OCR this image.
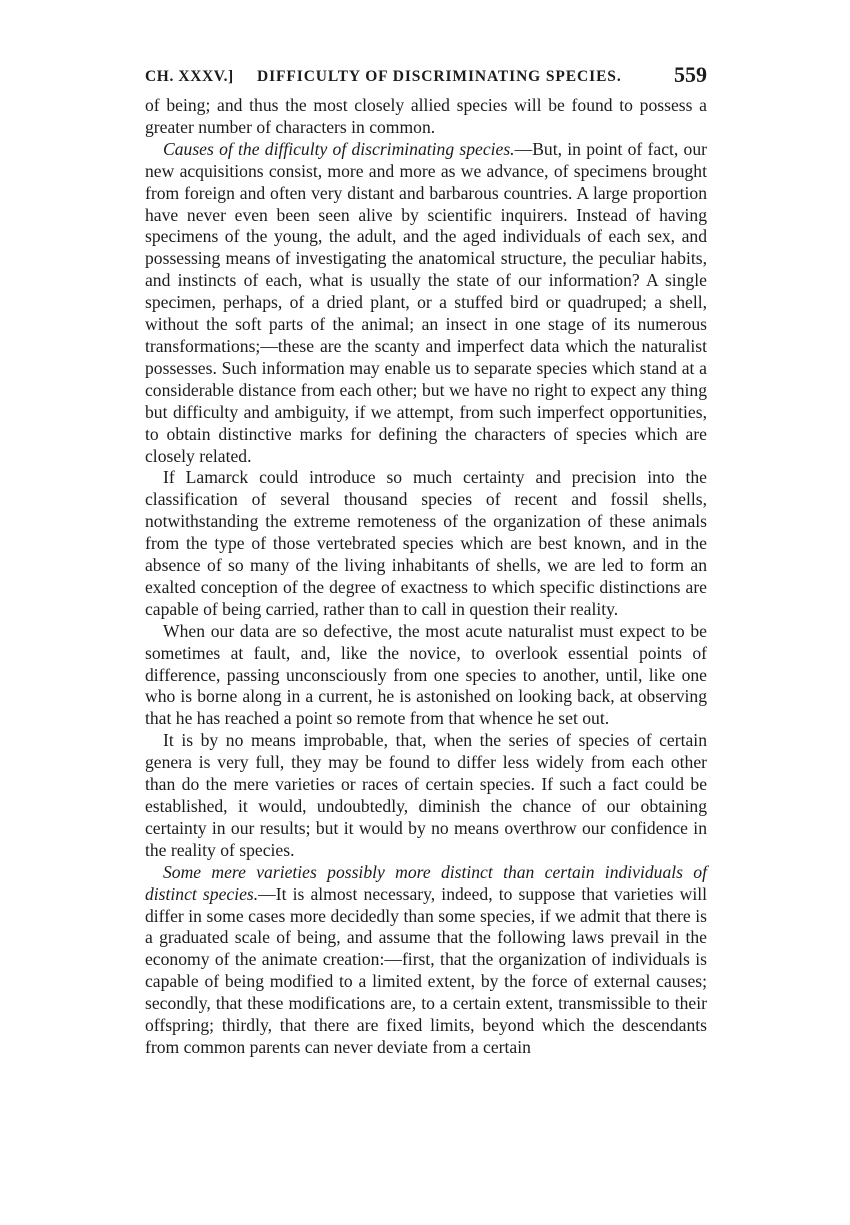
CH. XXXV.] DIFFICULTY OF DISCRIMINATING SPECIES. 559

of being; and thus the most closely allied species will be found to possess a greater number of characters in common.

Causes of the difficulty of discriminating species.—But, in point of fact, our new acquisitions consist, more and more as we advance, of specimens brought from foreign and often very distant and barbarous countries. A large proportion have never even been seen alive by scientific inquirers. Instead of having specimens of the young, the adult, and the aged individuals of each sex, and possessing means of investigating the anatomical structure, the peculiar habits, and instincts of each, what is usually the state of our information? A single specimen, perhaps, of a dried plant, or a stuffed bird or quadruped; a shell, without the soft parts of the animal; an insect in one stage of its numerous transformations;—these are the scanty and imperfect data which the naturalist possesses. Such information may enable us to separate species which stand at a considerable distance from each other; but we have no right to expect any thing but difficulty and ambiguity, if we attempt, from such imperfect opportunities, to obtain distinctive marks for defining the characters of species which are closely related.

If Lamarck could introduce so much certainty and precision into the classification of several thousand species of recent and fossil shells, notwithstanding the extreme remoteness of the organization of these animals from the type of those vertebrated species which are best known, and in the absence of so many of the living inhabitants of shells, we are led to form an exalted conception of the degree of exactness to which specific distinctions are capable of being carried, rather than to call in question their reality.

When our data are so defective, the most acute naturalist must expect to be sometimes at fault, and, like the novice, to overlook essential points of difference, passing unconsciously from one species to another, until, like one who is borne along in a current, he is astonished on looking back, at observing that he has reached a point so remote from that whence he set out.

It is by no means improbable, that, when the series of species of certain genera is very full, they may be found to differ less widely from each other than do the mere varieties or races of certain species. If such a fact could be established, it would, undoubtedly, diminish the chance of our obtaining certainty in our results; but it would by no means overthrow our confidence in the reality of species.

Some mere varieties possibly more distinct than certain individuals of distinct species.—It is almost necessary, indeed, to suppose that varieties will differ in some cases more decidedly than some species, if we admit that there is a graduated scale of being, and assume that the following laws prevail in the economy of the animate creation:—first, that the organization of individuals is capable of being modified to a limited extent, by the force of external causes; secondly, that these modifications are, to a certain extent, transmissible to their offspring; thirdly, that there are fixed limits, beyond which the descendants from common parents can never deviate from a certain
